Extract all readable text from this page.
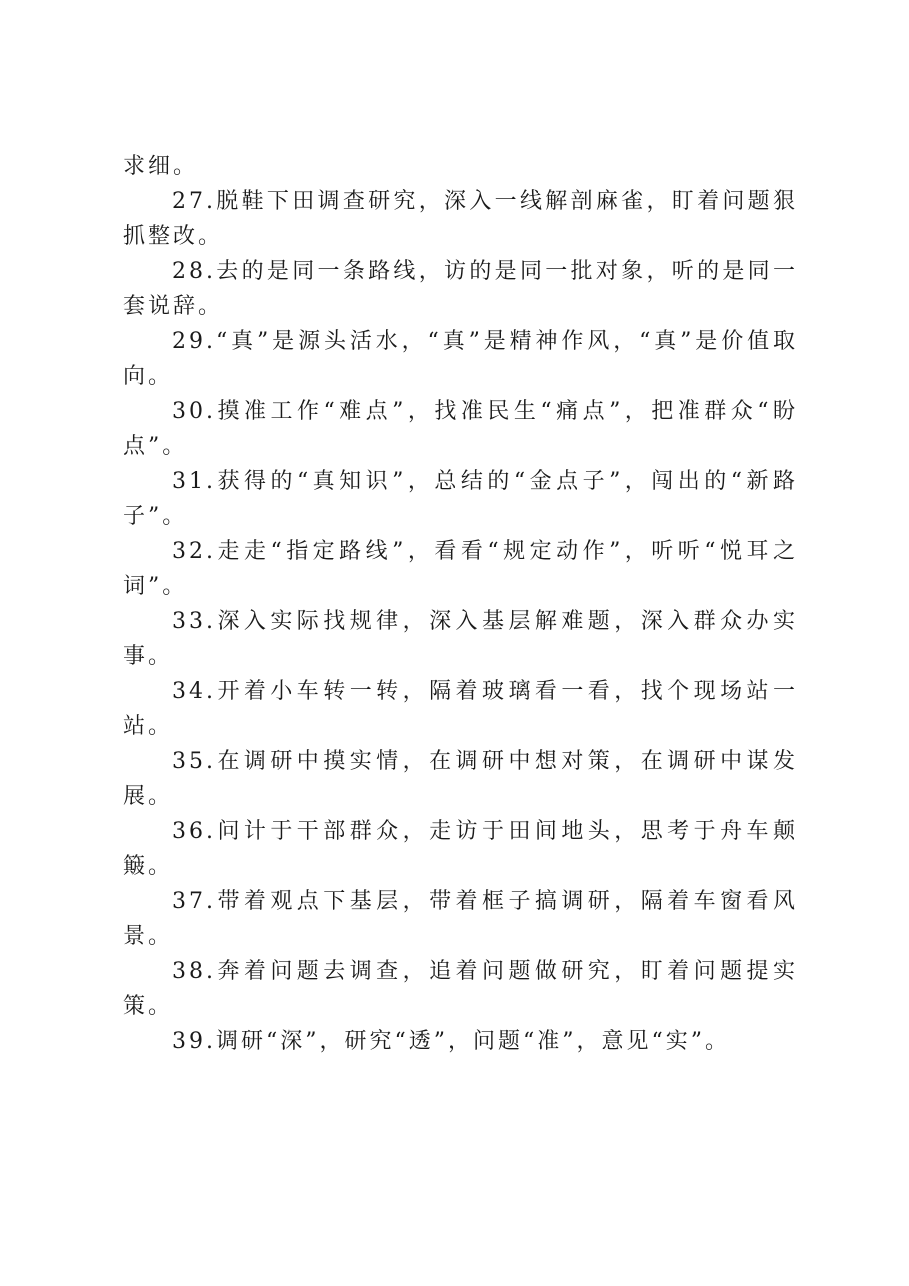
求细。

27.脱鞋下田调查研究，深入一线解剖麻雀，盯着问题狠抓整改。

28.去的是同一条路线，访的是同一批对象，听的是同一套说辞。

29.“真”是源头活水，“真”是精神作风，“真”是价值取向。

30.摸准工作“难点”，找准民生“痛点”，把准群众“盼点”。

31.获得的“真知识”，总结的“金点子”，闯出的“新路子”。

32.走走“指定路线”，看看“规定动作”，听听“悦耳之词”。

33.深入实际找规律，深入基层解难题，深入群众办实事。

34.开着小车转一转，隔着玻璃看一看，找个现场站一站。

35.在调研中摸实情，在调研中想对策，在调研中谋发展。

36.问计于干部群众，走访于田间地头，思考于舟车颠簸。

37.带着观点下基层，带着框子搞调研，隔着车窗看风景。

38.奔着问题去调查，追着问题做研究，盯着问题提实策。

39.调研“深”，研究“透”，问题“准”，意见“实”。
